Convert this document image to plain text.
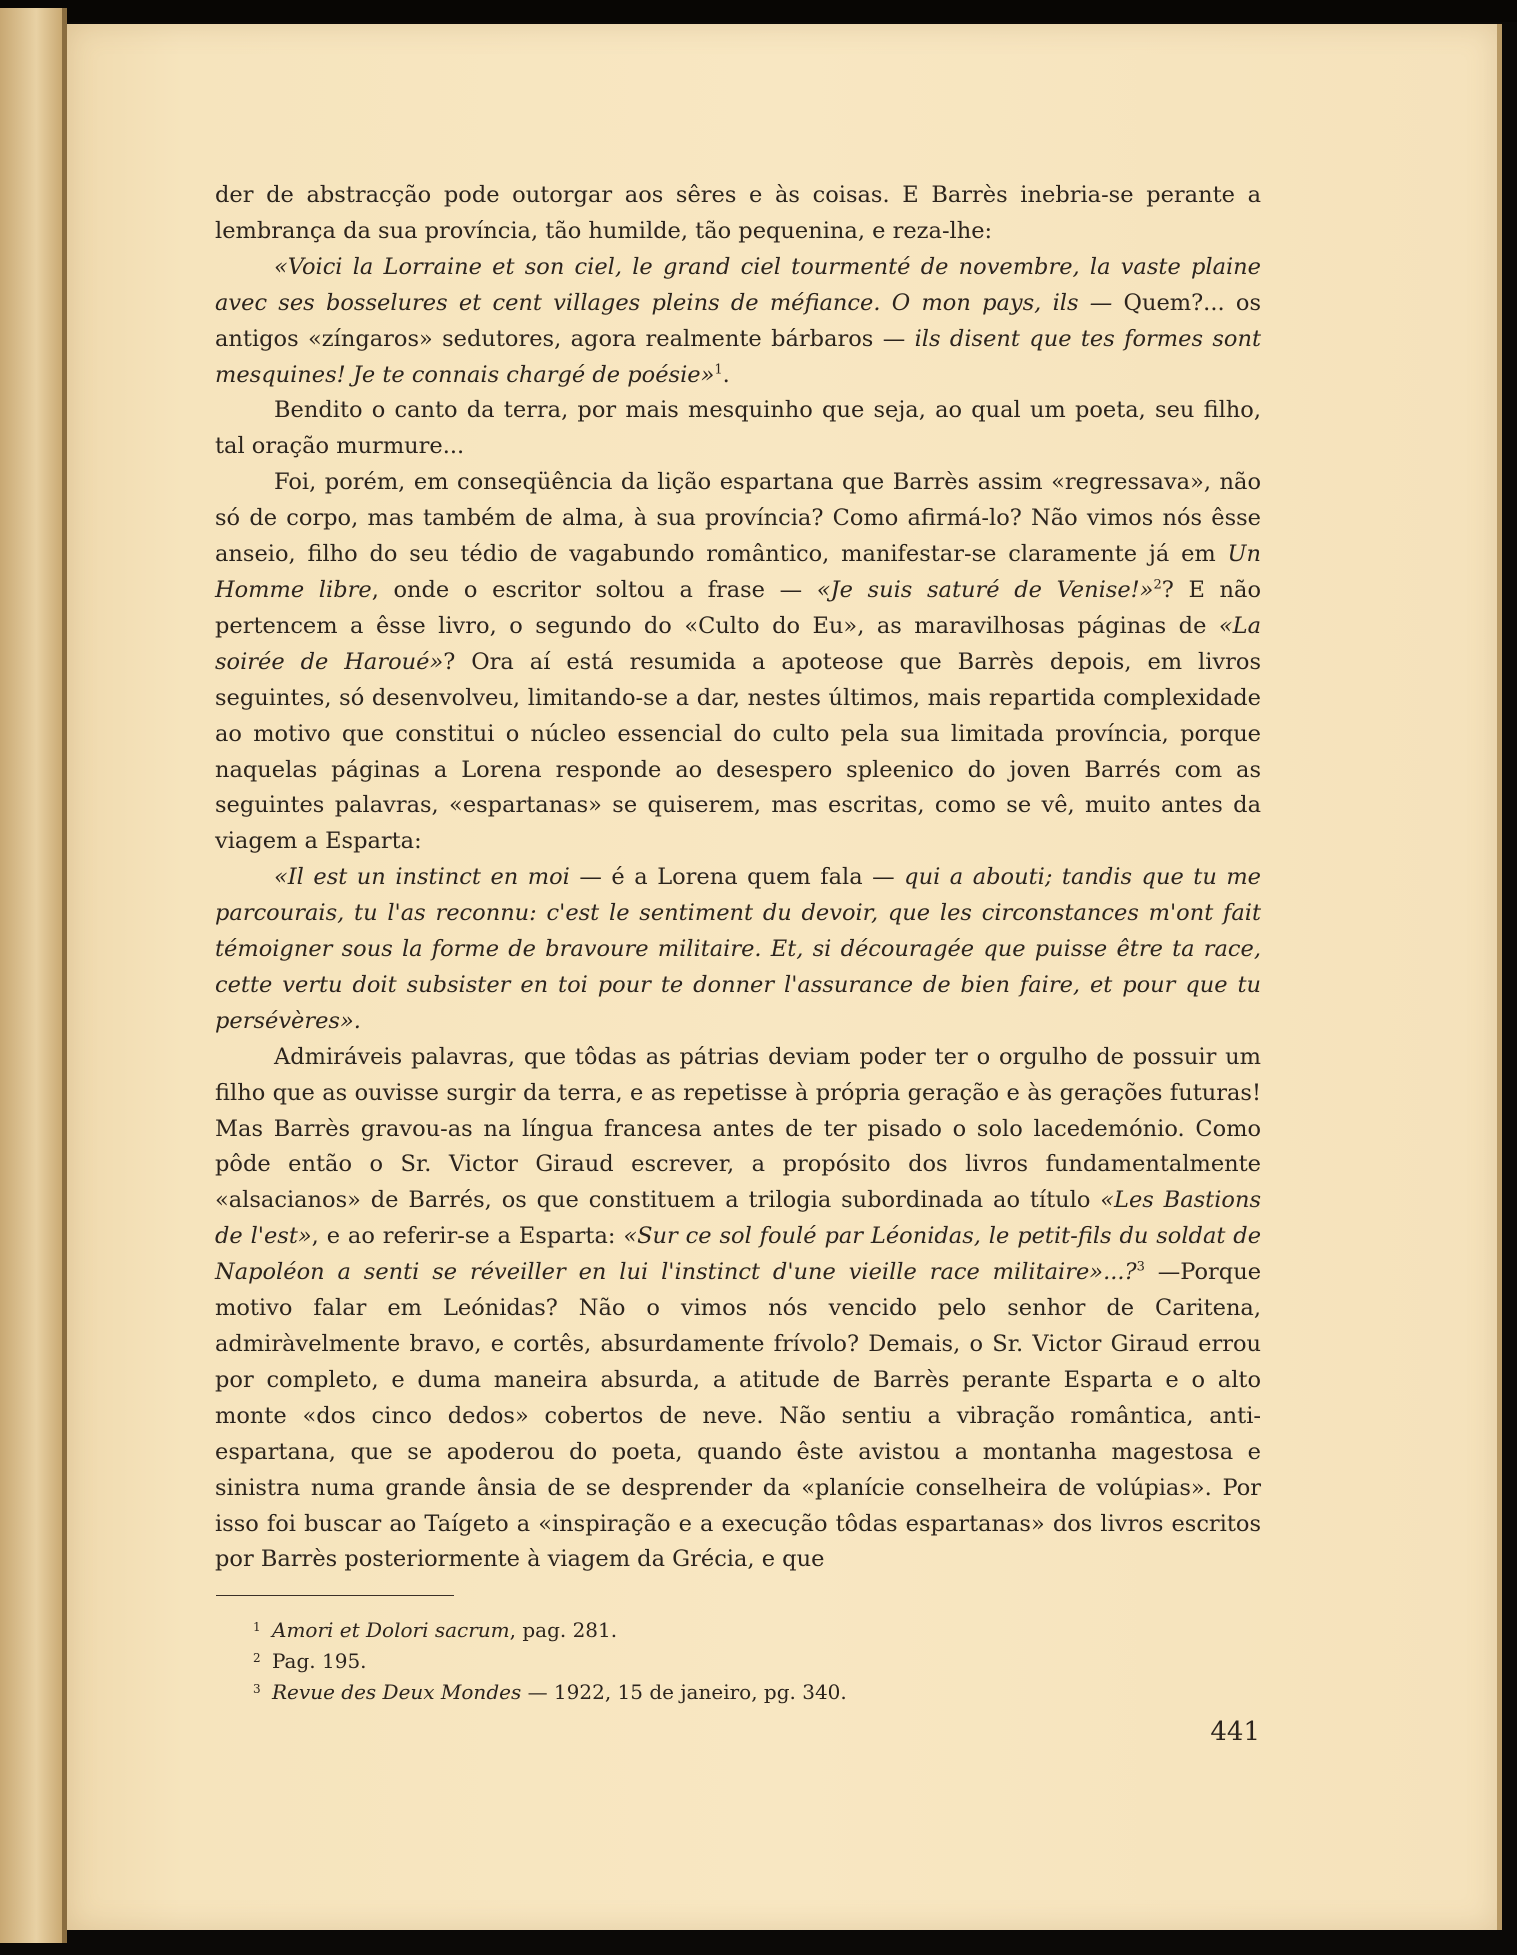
der de abstracção pode outorgar aos sêres e às coisas. E Barrès inebria-se perante a lembrança da sua província, tão humilde, tão pequenina, e reza-lhe:

«Voici la Lorraine et son ciel, le grand ciel tourmenté de novembre, la vaste plaine avec ses bosselures et cent villages pleins de méfiance. O mon pays, ils — Quem?... os antigos «zíngaros» sedutores, agora realmente bárbaros — ils disent que tes formes sont mesquines! Je te connais chargé de poésie»$^1$.

Bendito o canto da terra, por mais mesquinho que seja, ao qual um poeta, seu filho, tal oração murmure...

Foi, porém, em conseqüência da lição espartana que Barrès assim «regressava», não só de corpo, mas também de alma, à sua província? Como afirmá-lo? Não vimos nós êsse anseio, filho do seu tédio de vagabundo romântico, manifestar-se claramente já em Un Homme libre, onde o escritor soltou a frase — «Je suis saturé de Venise!»$^2$? E não pertencem a êsse livro, o segundo do «Culto do Eu», as maravilhosas páginas de «La soirée de Haroué»? Ora aí está resumida a apoteose que Barrès depois, em livros seguintes, só desenvolveu, limitando-se a dar, nestes últimos, mais repartida complexidade ao motivo que constitui o núcleo essencial do culto pela sua limitada província, porque naquelas páginas a Lorena responde ao desespero spleenico do joven Barrés com as seguintes palavras, «espartanas» se quiserem, mas escritas, como se vê, muito antes da viagem a Esparta:

«Il est un instinct en moi — é a Lorena quem fala — qui a abouti; tandis que tu me parcourais, tu l'as reconnu: c'est le sentiment du devoir, que les circonstances m'ont fait témoigner sous la forme de bravoure militaire. Et, si découragée que puisse être ta race, cette vertu doit subsister en toi pour te donner l'assurance de bien faire, et pour que tu persévères».

Admiráveis palavras, que tôdas as pátrias deviam poder ter o orgulho de possuir um filho que as ouvisse surgir da terra, e as repetisse à própria geração e às gerações futuras! Mas Barrès gravou-as na língua francesa antes de ter pisado o solo lacedemónio. Como pôde então o Sr. Victor Giraud escrever, a propósito dos livros fundamentalmente «alsacianos» de Barrés, os que constituem a trilogia subordinada ao título «Les Bastions de l'est», e ao referir-se a Esparta: «Sur ce sol foulé par Léonidas, le petit-fils du soldat de Napoléon a senti se réveiller en lui l'instinct d'une vieille race militaire»...?$^3$ —Porque motivo falar em Leónidas? Não o vimos nós vencido pelo senhor de Caritena, admiràvelmente bravo, e cortês, absurdamente frívolo? Demais, o Sr. Victor Giraud errou por completo, e duma maneira absurda, a atitude de Barrès perante Esparta e o alto monte «dos cinco dedos» cobertos de neve. Não sentiu a vibração romântica, anti-espartana, que se apoderou do poeta, quando êste avistou a montanha magestosa e sinistra numa grande ânsia de se desprender da «planície conselheira de volúpias». Por isso foi buscar ao Taígeto a «inspiração e a execução tôdas espartanas» dos livros escritos por Barrès posteriormente à viagem da Grécia, e que

1 Amori et Dolori sacrum, pag. 281.
2 Pag. 195.
3 Revue des Deux Mondes — 1922, 15 de janeiro, pg. 340.
441
